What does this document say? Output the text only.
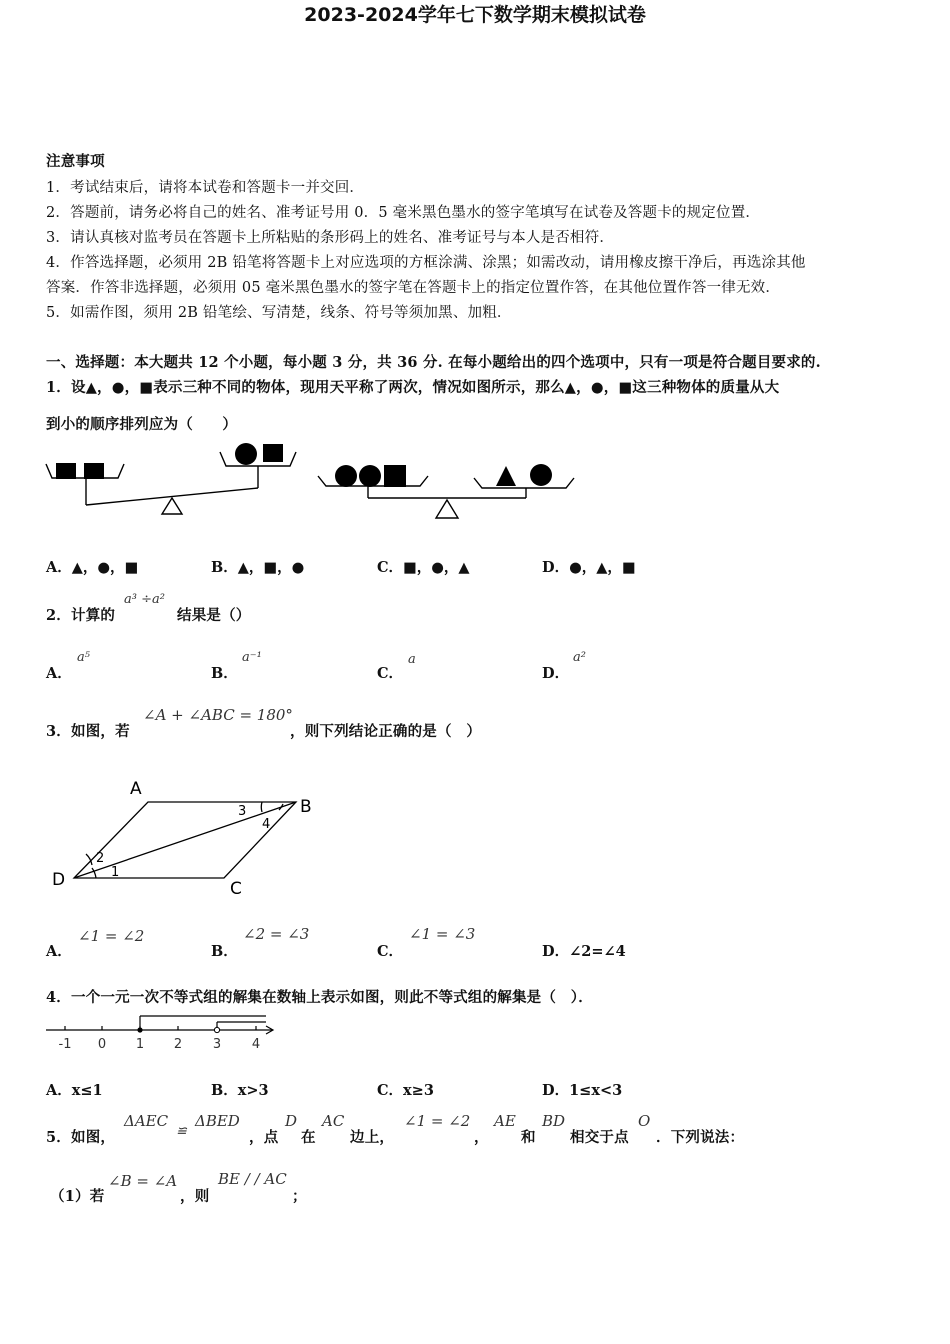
2023-2024学年七下数学期末模拟试卷
注意事项
1．考试结束后，请将本试卷和答题卡一并交回．
2．答题前，请务必将自己的姓名、准考证号用 0．5 毫米黑色墨水的签字笔填写在试卷及答题卡的规定位置．
3．请认真核对监考员在答题卡上所粘贴的条形码上的姓名、准考证号与本人是否相符．
4．作答选择题，必须用 2B 铅笔将答题卡上对应选项的方框涂满、涂黑；如需改动，请用橡皮擦干净后，再选涂其他
答案．作答非选择题，必须用 05 毫米黑色墨水的签字笔在答题卡上的指定位置作答，在其他位置作答一律无效．
5．如需作图，须用 2B 铅笔绘、写清楚，线条、符号等须加黑、加粗．
一、选择题：本大题共 12 个小题，每小题 3 分，共 36 分. 在每小题给出的四个选项中，只有一项是符合题目要求的.
1．设▲，●，■表示三种不同的物体，现用天平称了两次，情况如图所示，那么▲，●，■这三种物体的质量从大
到小的顺序排列应为（　　）
A．▲，●，■	B．▲，■，●	C．■，●，▲	D．●，▲，■
2．计算的
a³ ÷a²
结果是（）
A．
a⁵
B．
a⁻¹
C．
a
D．
a²
3．如图，若
∠A + ∠ABC = 180°
，则下列结论正确的是（　）
A
B
C
D	1
2
3
4
A．
∠1 = ∠2
B．
∠2 = ∠3
C．
∠1 = ∠3
D．∠2=∠4
4．一个一元一次不等式组的解集在数轴上表示如图，则此不等式组的解集是（　）．
-1 0 1 2 3 4
A．x≤1	B．x>3	C．x≥3	D．1≤x<3
5．如图，
ΔAEC
≌
ΔBED
，点
D
在
AC
边上，
∠1 = ∠2
，
AE
和
BD
相交于点
O
．下列说法：
（1）若
∠B = ∠A
，则
BE / / AC
；
